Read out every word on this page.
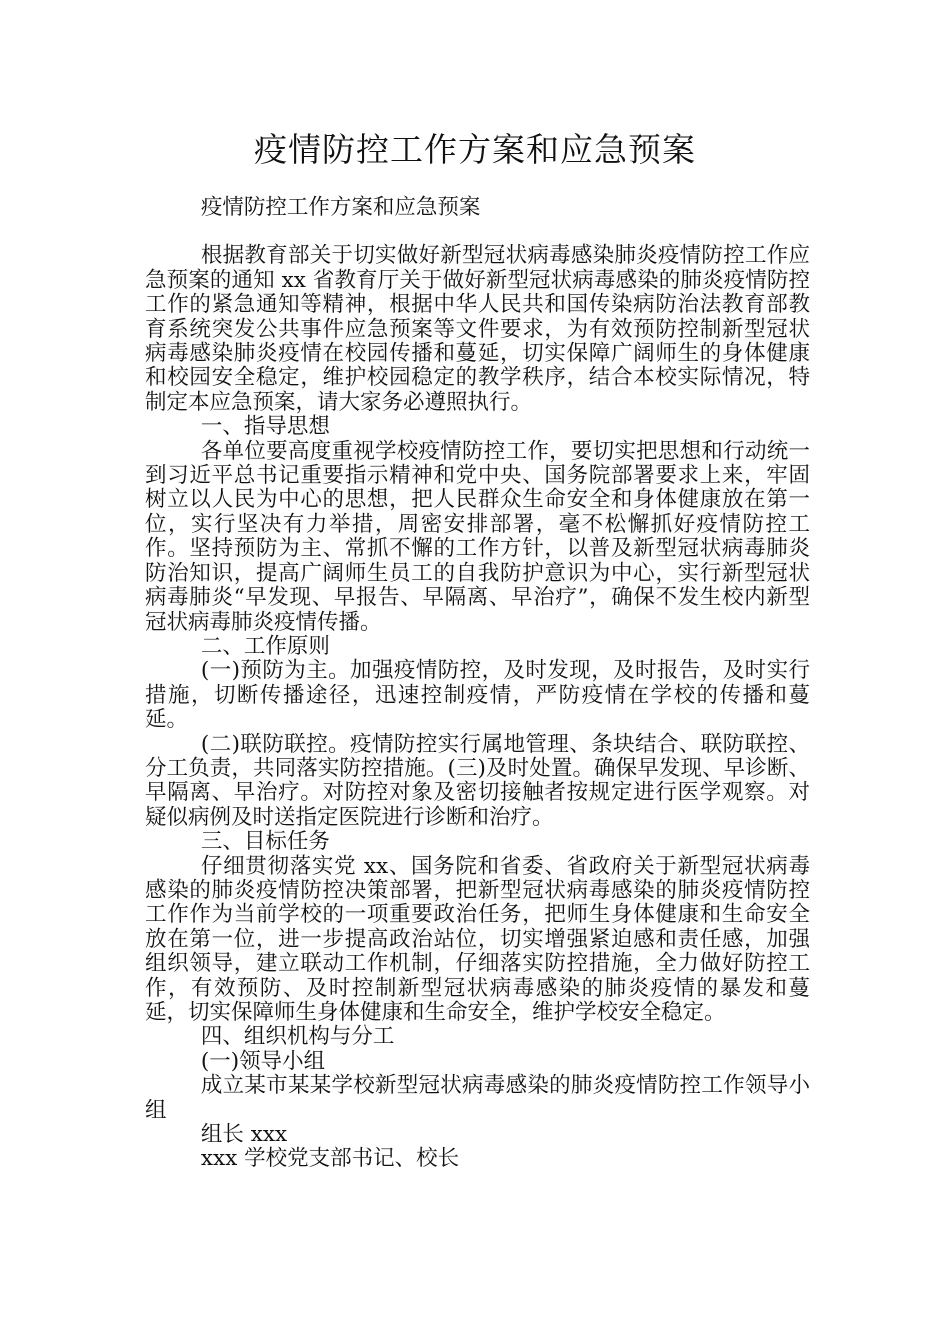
疫情防控工作方案和应急预案

疫情防控工作方案和应急预案

根据教育部关于切实做好新型冠状病毒感染肺炎疫情防控工作应急预案的通知 xx 省教育厅关于做好新型冠状病毒感染的肺炎疫情防控工作的紧急通知等精神，根据中华人民共和国传染病防治法教育部教育系统突发公共事件应急预案等文件要求，为有效预防控制新型冠状病毒感染肺炎疫情在校园传播和蔓延，切实保障广阔师生的身体健康和校园安全稳定，维护校园稳定的教学秩序，结合本校实际情况，特制定本应急预案，请大家务必遵照执行。

一、指导思想

各单位要高度重视学校疫情防控工作，要切实把思想和行动统一到习近平总书记重要指示精神和党中央、国务院部署要求上来，牢固树立以人民为中心的思想，把人民群众生命安全和身体健康放在第一位，实行坚决有力举措，周密安排部署，毫不松懈抓好疫情防控工作。坚持预防为主、常抓不懈的工作方针，以普及新型冠状病毒肺炎防治知识，提高广阔师生员工的自我防护意识为中心，实行新型冠状病毒肺炎“早发现、早报告、早隔离、早治疗”，确保不发生校内新型冠状病毒肺炎疫情传播。

二、工作原则

(一)预防为主。加强疫情防控，及时发现，及时报告，及时实行措施，切断传播途径，迅速控制疫情，严防疫情在学校的传播和蔓延。

(二)联防联控。疫情防控实行属地管理、条块结合、联防联控、分工负责，共同落实防控措施。(三)及时处置。确保早发现、早诊断、早隔离、早治疗。对防控对象及密切接触者按规定进行医学观察。对疑似病例及时送指定医院进行诊断和治疗。

三、目标任务

仔细贯彻落实党 xx、国务院和省委、省政府关于新型冠状病毒感染的肺炎疫情防控决策部署，把新型冠状病毒感染的肺炎疫情防控工作作为当前学校的一项重要政治任务，把师生身体健康和生命安全放在第一位，进一步提高政治站位，切实增强紧迫感和责任感，加强组织领导，建立联动工作机制，仔细落实防控措施，全力做好防控工作，有效预防、及时控制新型冠状病毒感染的肺炎疫情的暴发和蔓延，切实保障师生身体健康和生命安全，维护学校安全稳定。

四、组织机构与分工

(一)领导小组

成立某市某某学校新型冠状病毒感染的肺炎疫情防控工作领导小组

组长 xxx

xxx 学校党支部书记、校长
